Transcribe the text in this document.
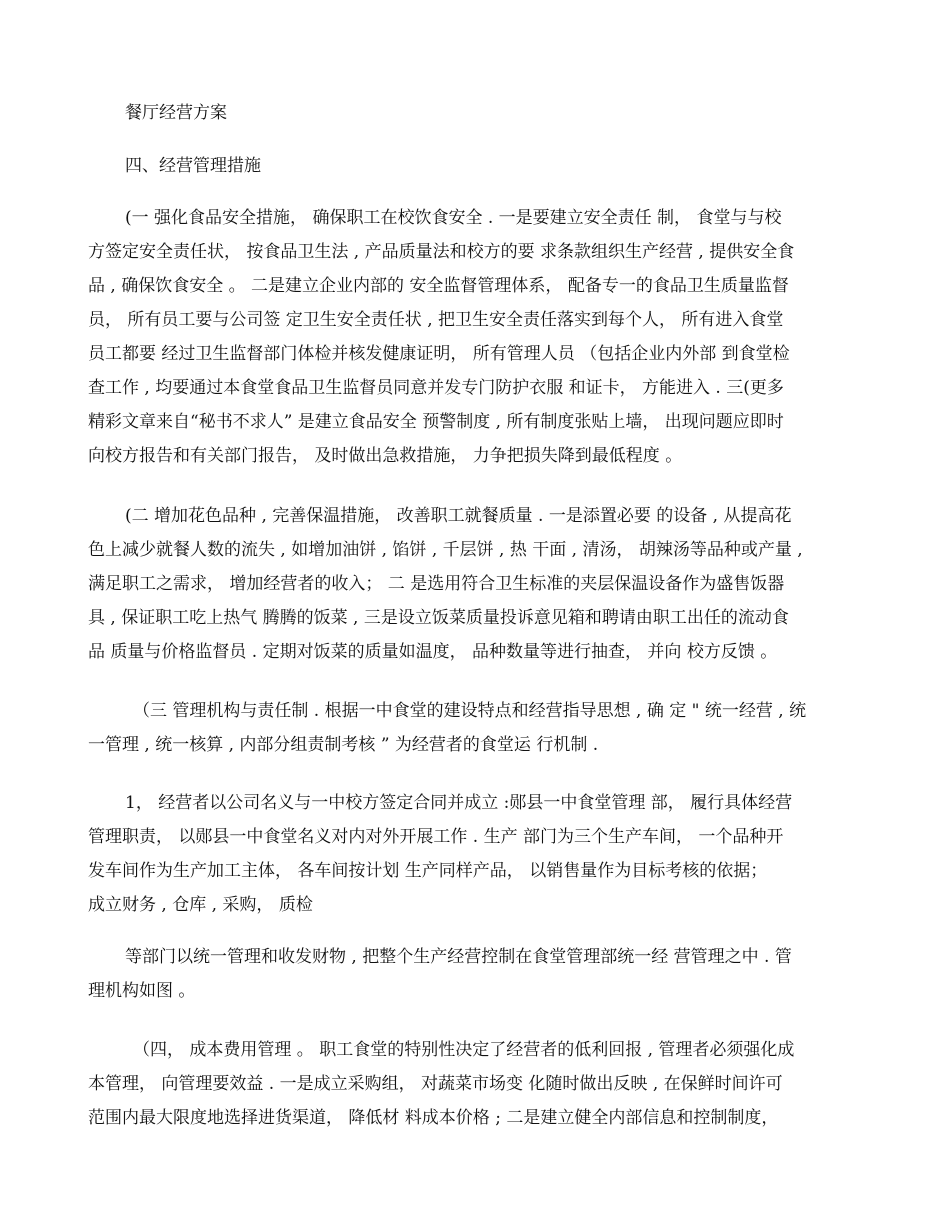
餐厅经营方案

四、经营管理措施

(一 强化食品安全措施， 确保职工在校饮食安全 . 一是要建立安全责任 制， 食堂与与校

方签定安全责任状， 按食品卫生法 , 产品质量法和校方的要 求条款组织生产经营 , 提供安全食

品 , 确保饮食安全 。 二是建立企业内部的 安全监督管理体系， 配备专一的食品卫生质量监督

员， 所有员工要与公司签 定卫生安全责任状 , 把卫生安全责任落实到每个人， 所有进入食堂

员工都要 经过卫生监督部门体检并核发健康证明， 所有管理人员 （包括企业内外部 到食堂检

查工作 , 均要通过本食堂食品卫生监督员同意并发专门防护衣服 和证卡， 方能进入 . 三(更多

精彩文章来自“秘书不求人” 是建立食品安全 预警制度 , 所有制度张贴上墙， 出现问题应即时

向校方报告和有关部门报告， 及时做出急救措施， 力争把损失降到最低程度 。

(二 增加花色品种 , 完善保温措施， 改善职工就餐质量 . 一是添置必要 的设备 , 从提高花

色上减少就餐人数的流失 , 如增加油饼 , 馅饼 , 千层饼 , 热 干面 , 清汤， 胡辣汤等品种或产量 ,

满足职工之需求， 增加经营者的收入； 二 是选用符合卫生标准的夹层保温设备作为盛售饭器

具 , 保证职工吃上热气 腾腾的饭菜 , 三是设立饭菜质量投诉意见箱和聘请由职工出任的流动食

品 质量与价格监督员 . 定期对饭菜的质量如温度， 品种数量等进行抽查， 并向 校方反馈 。

（三 管理机构与责任制 . 根据一中食堂的建设特点和经营指导思想 , 确 定 " 统一经营 , 统

一管理 , 统一核算 , 内部分组责制考核 ” 为经营者的食堂运 行机制 .

1， 经营者以公司名义与一中校方签定合同并成立 :郧县一中食堂管理 部， 履行具体经营

管理职责， 以郧县一中食堂名义对内对外开展工作 . 生产 部门为三个生产车间， 一个品种开

发车间作为生产加工主体， 各车间按计划 生产同样产品， 以销售量作为目标考核的依据；

成立财务 , 仓库 , 采购， 质检

等部门以统一管理和收发财物 , 把整个生产经营控制在食堂管理部统一经 营管理之中 . 管

理机构如图 。

（四， 成本费用管理 。 职工食堂的特别性决定了经营者的低利回报 , 管理者必须强化成

本管理， 向管理要效益 . 一是成立采购组， 对蔬菜市场变 化随时做出反映 , 在保鲜时间许可

范围内最大限度地选择进货渠道， 降低材 料成本价格 ; 二是建立健全内部信息和控制制度，
